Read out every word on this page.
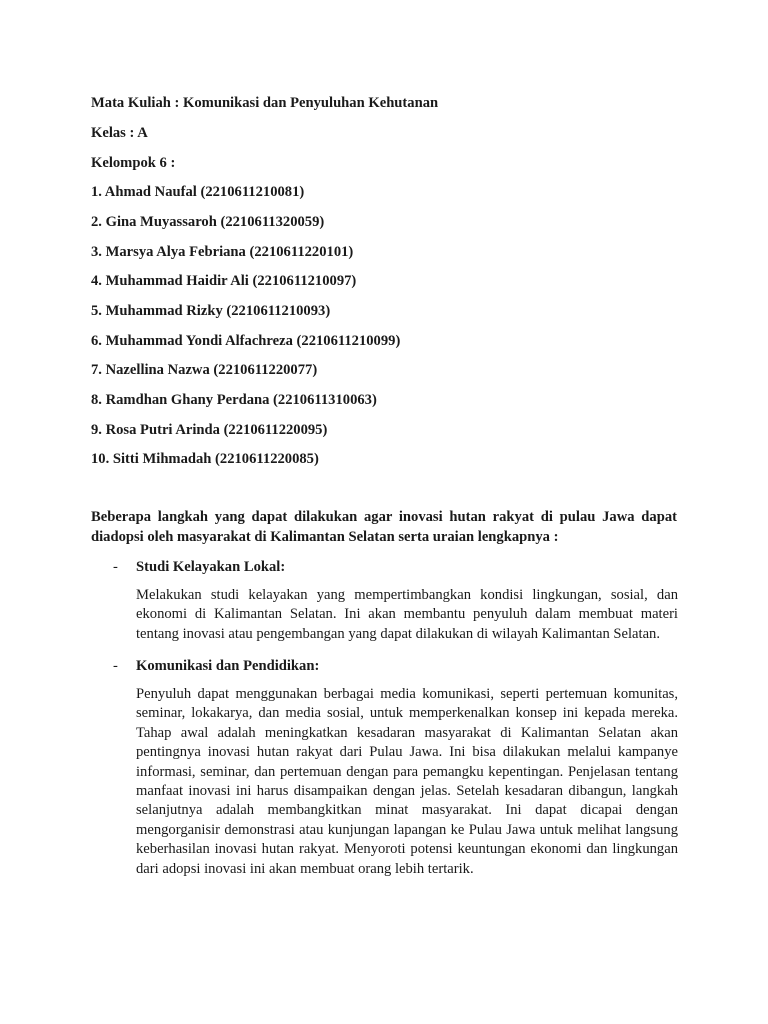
Mata Kuliah : Komunikasi dan Penyuluhan Kehutanan
Kelas : A
Kelompok 6 :
1. Ahmad Naufal (2210611210081)
2. Gina Muyassaroh (2210611320059)
3. Marsya Alya Febriana (2210611220101)
4. Muhammad Haidir Ali (2210611210097)
5. Muhammad Rizky (2210611210093)
6. Muhammad Yondi Alfachreza (2210611210099)
7. Nazellina Nazwa (2210611220077)
8. Ramdhan Ghany Perdana (2210611310063)
9. Rosa Putri Arinda (2210611220095)
10. Sitti Mihmadah (2210611220085)
Beberapa langkah yang dapat dilakukan agar inovasi hutan rakyat di pulau Jawa dapat diadopsi oleh masyarakat di Kalimantan Selatan serta uraian lengkapnya :
- Studi Kelayakan Lokal:
Melakukan studi kelayakan yang mempertimbangkan kondisi lingkungan, sosial, dan ekonomi di Kalimantan Selatan. Ini akan membantu penyuluh dalam membuat materi tentang inovasi atau pengembangan yang dapat dilakukan di wilayah Kalimantan Selatan.
- Komunikasi dan Pendidikan:
Penyuluh dapat menggunakan berbagai media komunikasi, seperti pertemuan komunitas, seminar, lokakarya, dan media sosial, untuk memperkenalkan konsep ini kepada mereka. Tahap awal adalah meningkatkan kesadaran masyarakat di Kalimantan Selatan akan pentingnya inovasi hutan rakyat dari Pulau Jawa. Ini bisa dilakukan melalui kampanye informasi, seminar, dan pertemuan dengan para pemangku kepentingan. Penjelasan tentang manfaat inovasi ini harus disampaikan dengan jelas. Setelah kesadaran dibangun, langkah selanjutnya adalah membangkitkan minat masyarakat. Ini dapat dicapai dengan mengorganisir demonstrasi atau kunjungan lapangan ke Pulau Jawa untuk melihat langsung keberhasilan inovasi hutan rakyat. Menyoroti potensi keuntungan ekonomi dan lingkungan dari adopsi inovasi ini akan membuat orang lebih tertarik.
